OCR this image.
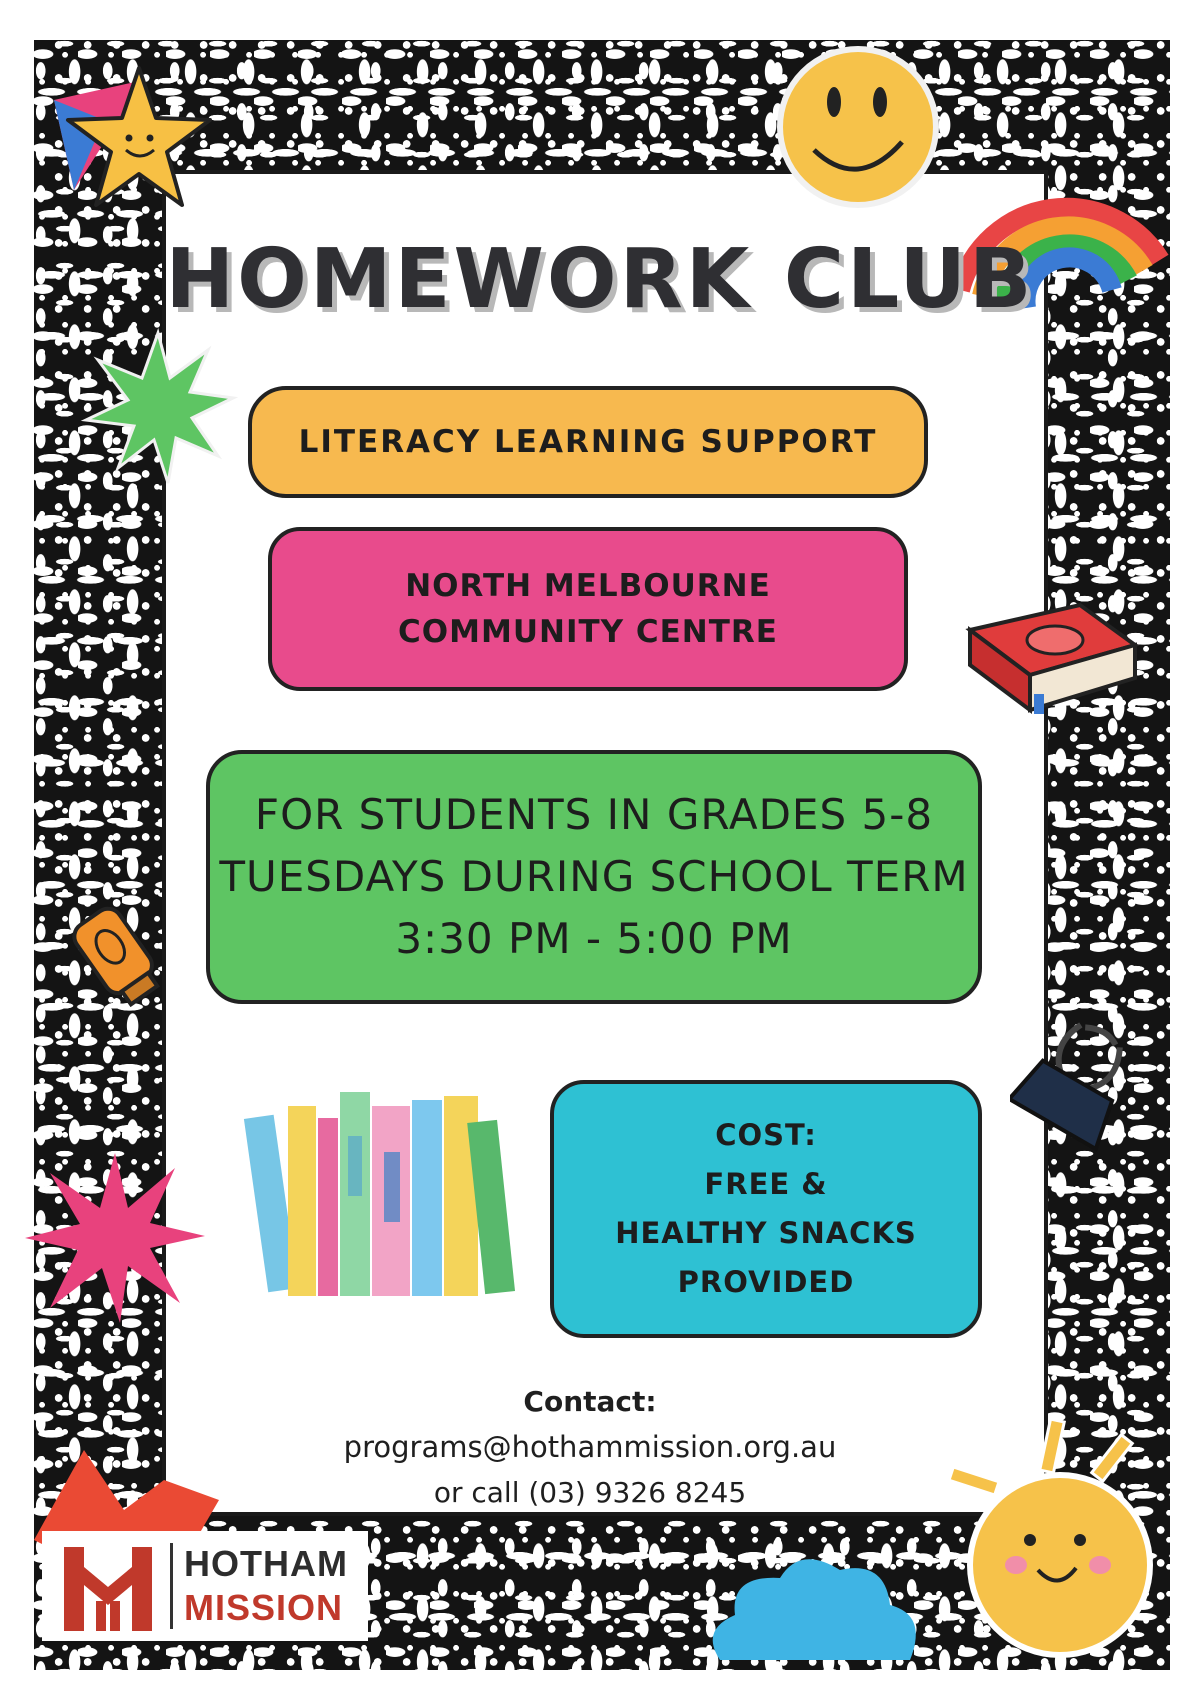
HOMEWORK CLUB
LITERACY LEARNING SUPPORT
NORTH MELBOURNE
COMMUNITY CENTRE
FOR STUDENTS IN GRADES 5-8
TUESDAYS DURING SCHOOL TERM
3:30 PM - 5:00 PM
COST:
FREE &
HEALTHY SNACKS
PROVIDED
Contact:
programs@hothammission.org.au
or call (03) 9326 8245
HOTHAM
MISSION
